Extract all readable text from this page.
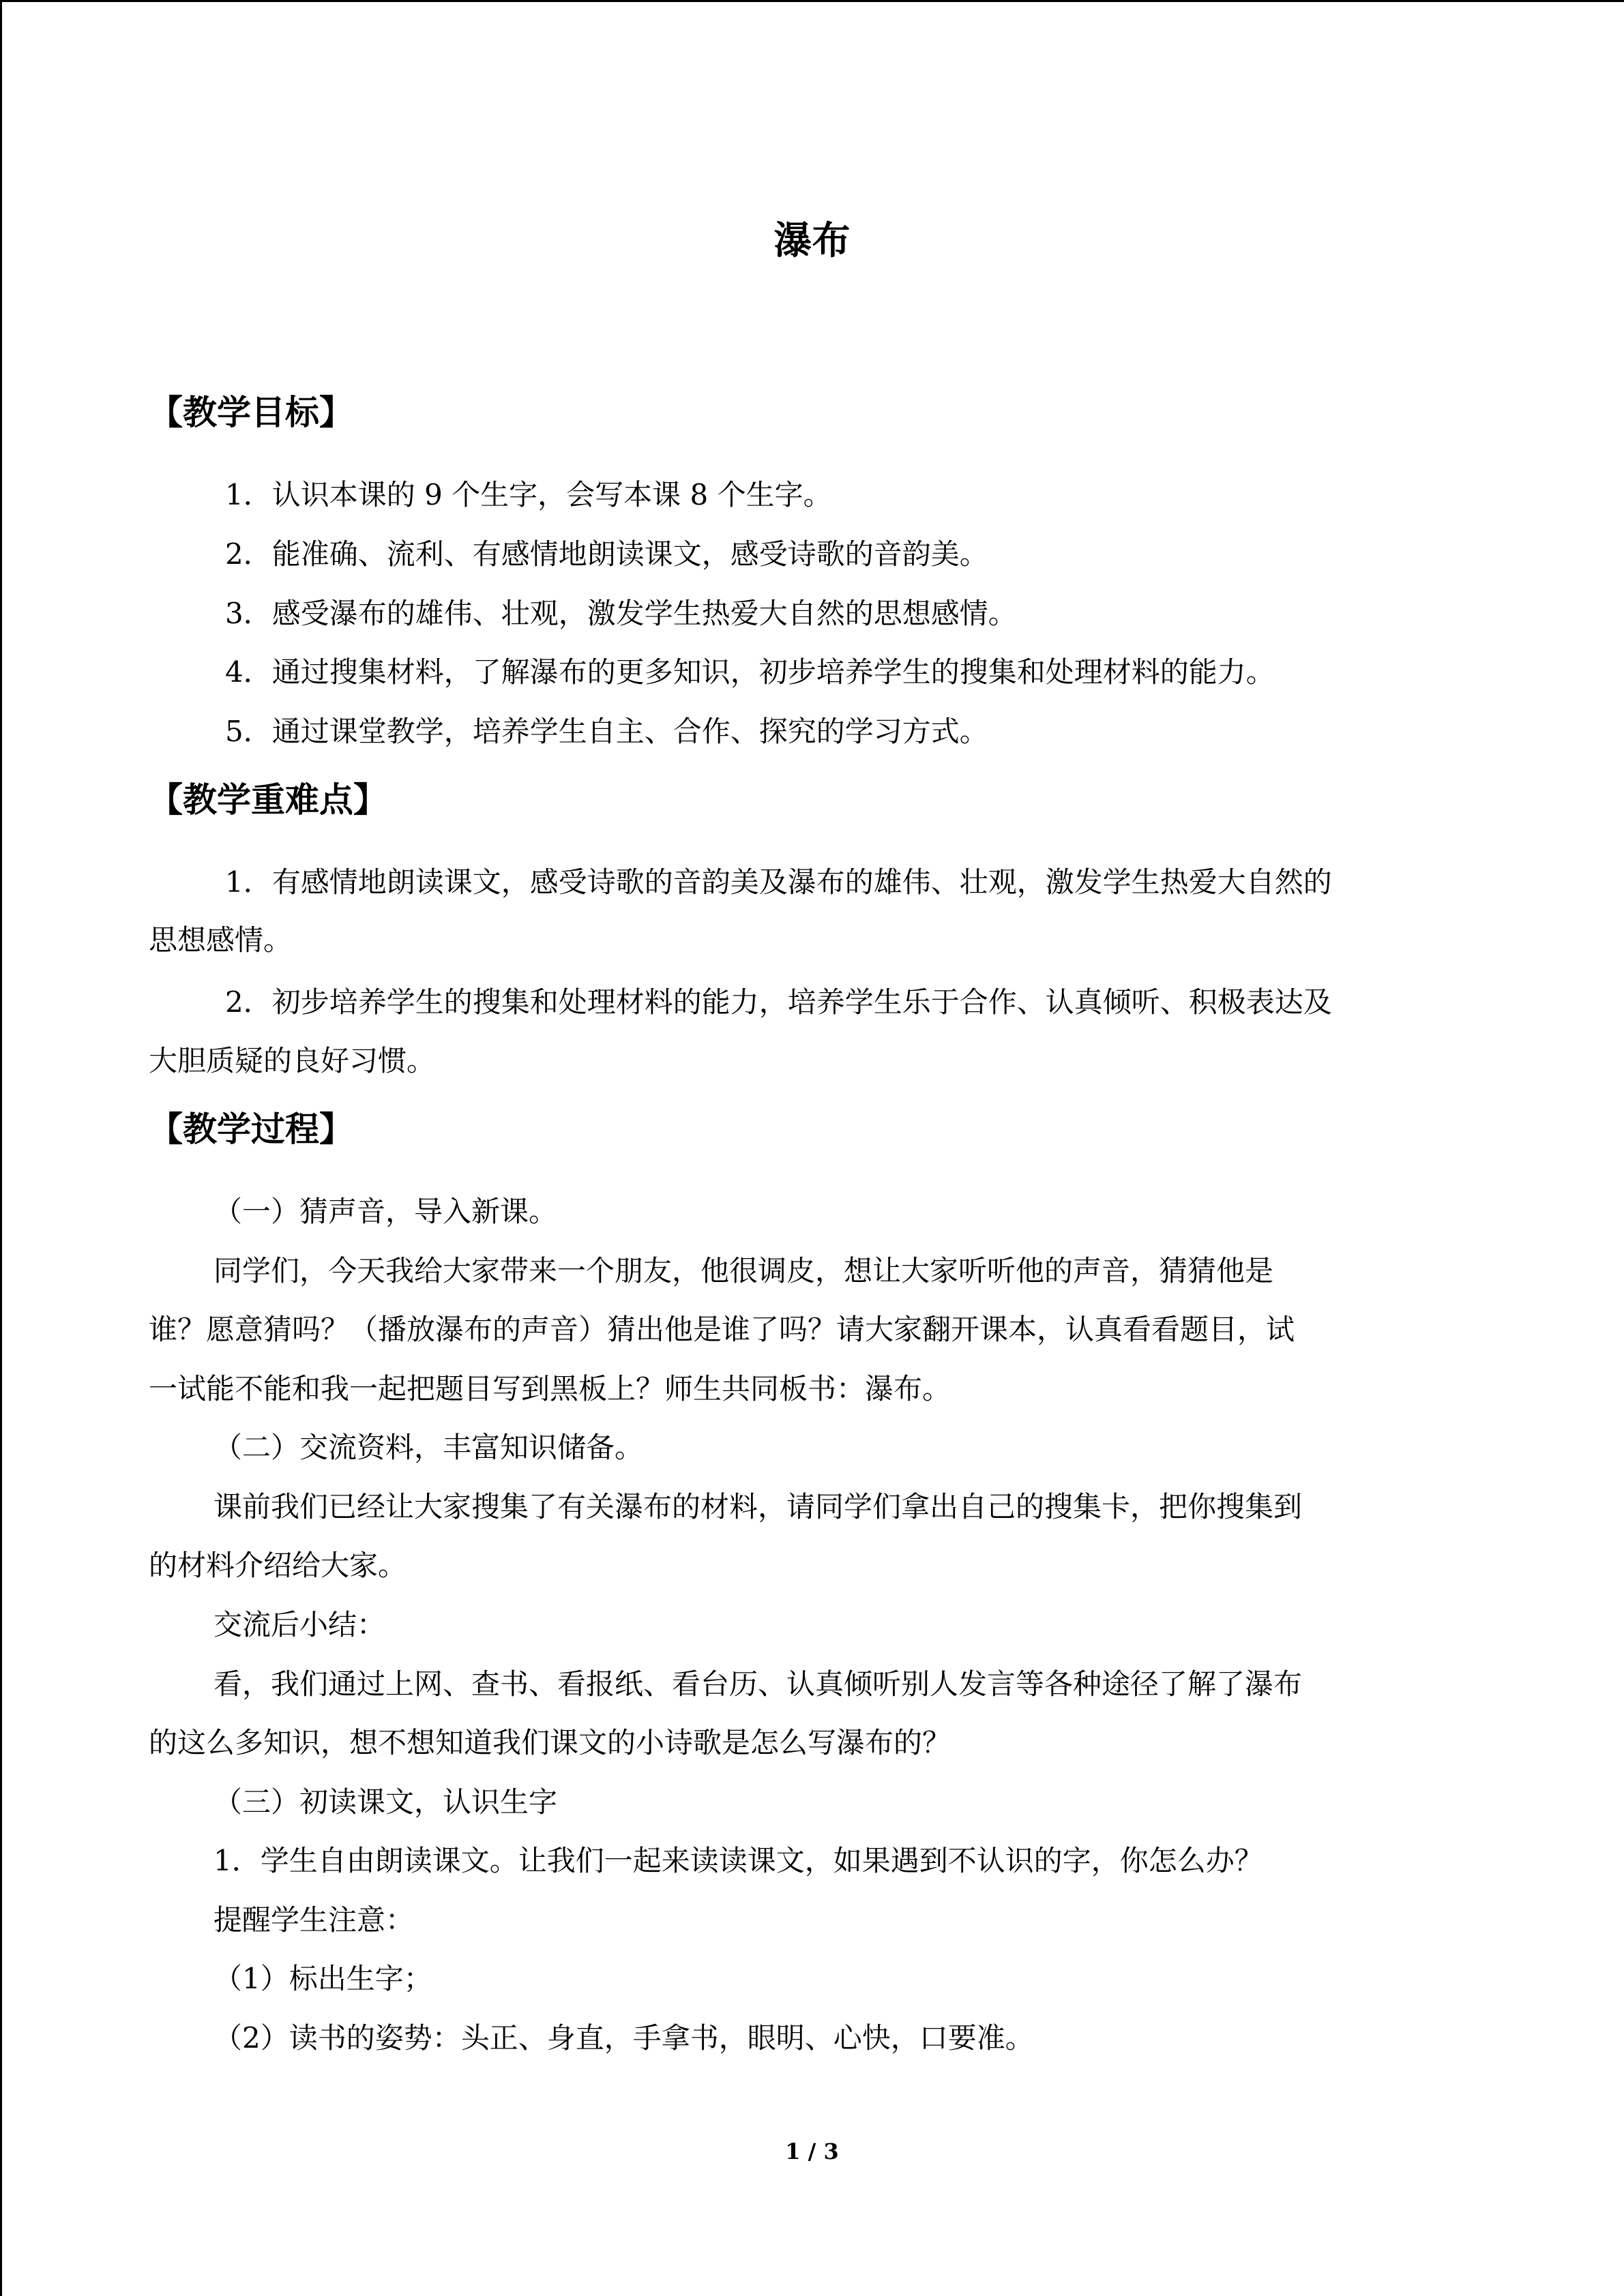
瀑布
【教学目标】
1．认识本课的 9 个生字，会写本课 8 个生字。
2．能准确、流利、有感情地朗读课文，感受诗歌的音韵美。
3．感受瀑布的雄伟、壮观，激发学生热爱大自然的思想感情。
4．通过搜集材料，了解瀑布的更多知识，初步培养学生的搜集和处理材料的能力。
5．通过课堂教学，培养学生自主、合作、探究的学习方式。
【教学重难点】
1．有感情地朗读课文，感受诗歌的音韵美及瀑布的雄伟、壮观，激发学生热爱大自然的
思想感情。
2．初步培养学生的搜集和处理材料的能力，培养学生乐于合作、认真倾听、积极表达及
大胆质疑的良好习惯。
【教学过程】
（一）猜声音，导入新课。
同学们，今天我给大家带来一个朋友，他很调皮，想让大家听听他的声音，猜猜他是
谁？愿意猜吗？（播放瀑布的声音）猜出他是谁了吗？请大家翻开课本，认真看看题目，试
一试能不能和我一起把题目写到黑板上？师生共同板书：瀑布。
（二）交流资料，丰富知识储备。
课前我们已经让大家搜集了有关瀑布的材料，请同学们拿出自己的搜集卡，把你搜集到
的材料介绍给大家。
交流后小结：
看，我们通过上网、查书、看报纸、看台历、认真倾听别人发言等各种途径了解了瀑布
的这么多知识，想不想知道我们课文的小诗歌是怎么写瀑布的？
（三）初读课文，认识生字
1．学生自由朗读课文。让我们一起来读读课文，如果遇到不认识的字，你怎么办？
提醒学生注意：
（1）标出生字；
（2）读书的姿势：头正、身直，手拿书，眼明、心快，口要准。
1 / 3
